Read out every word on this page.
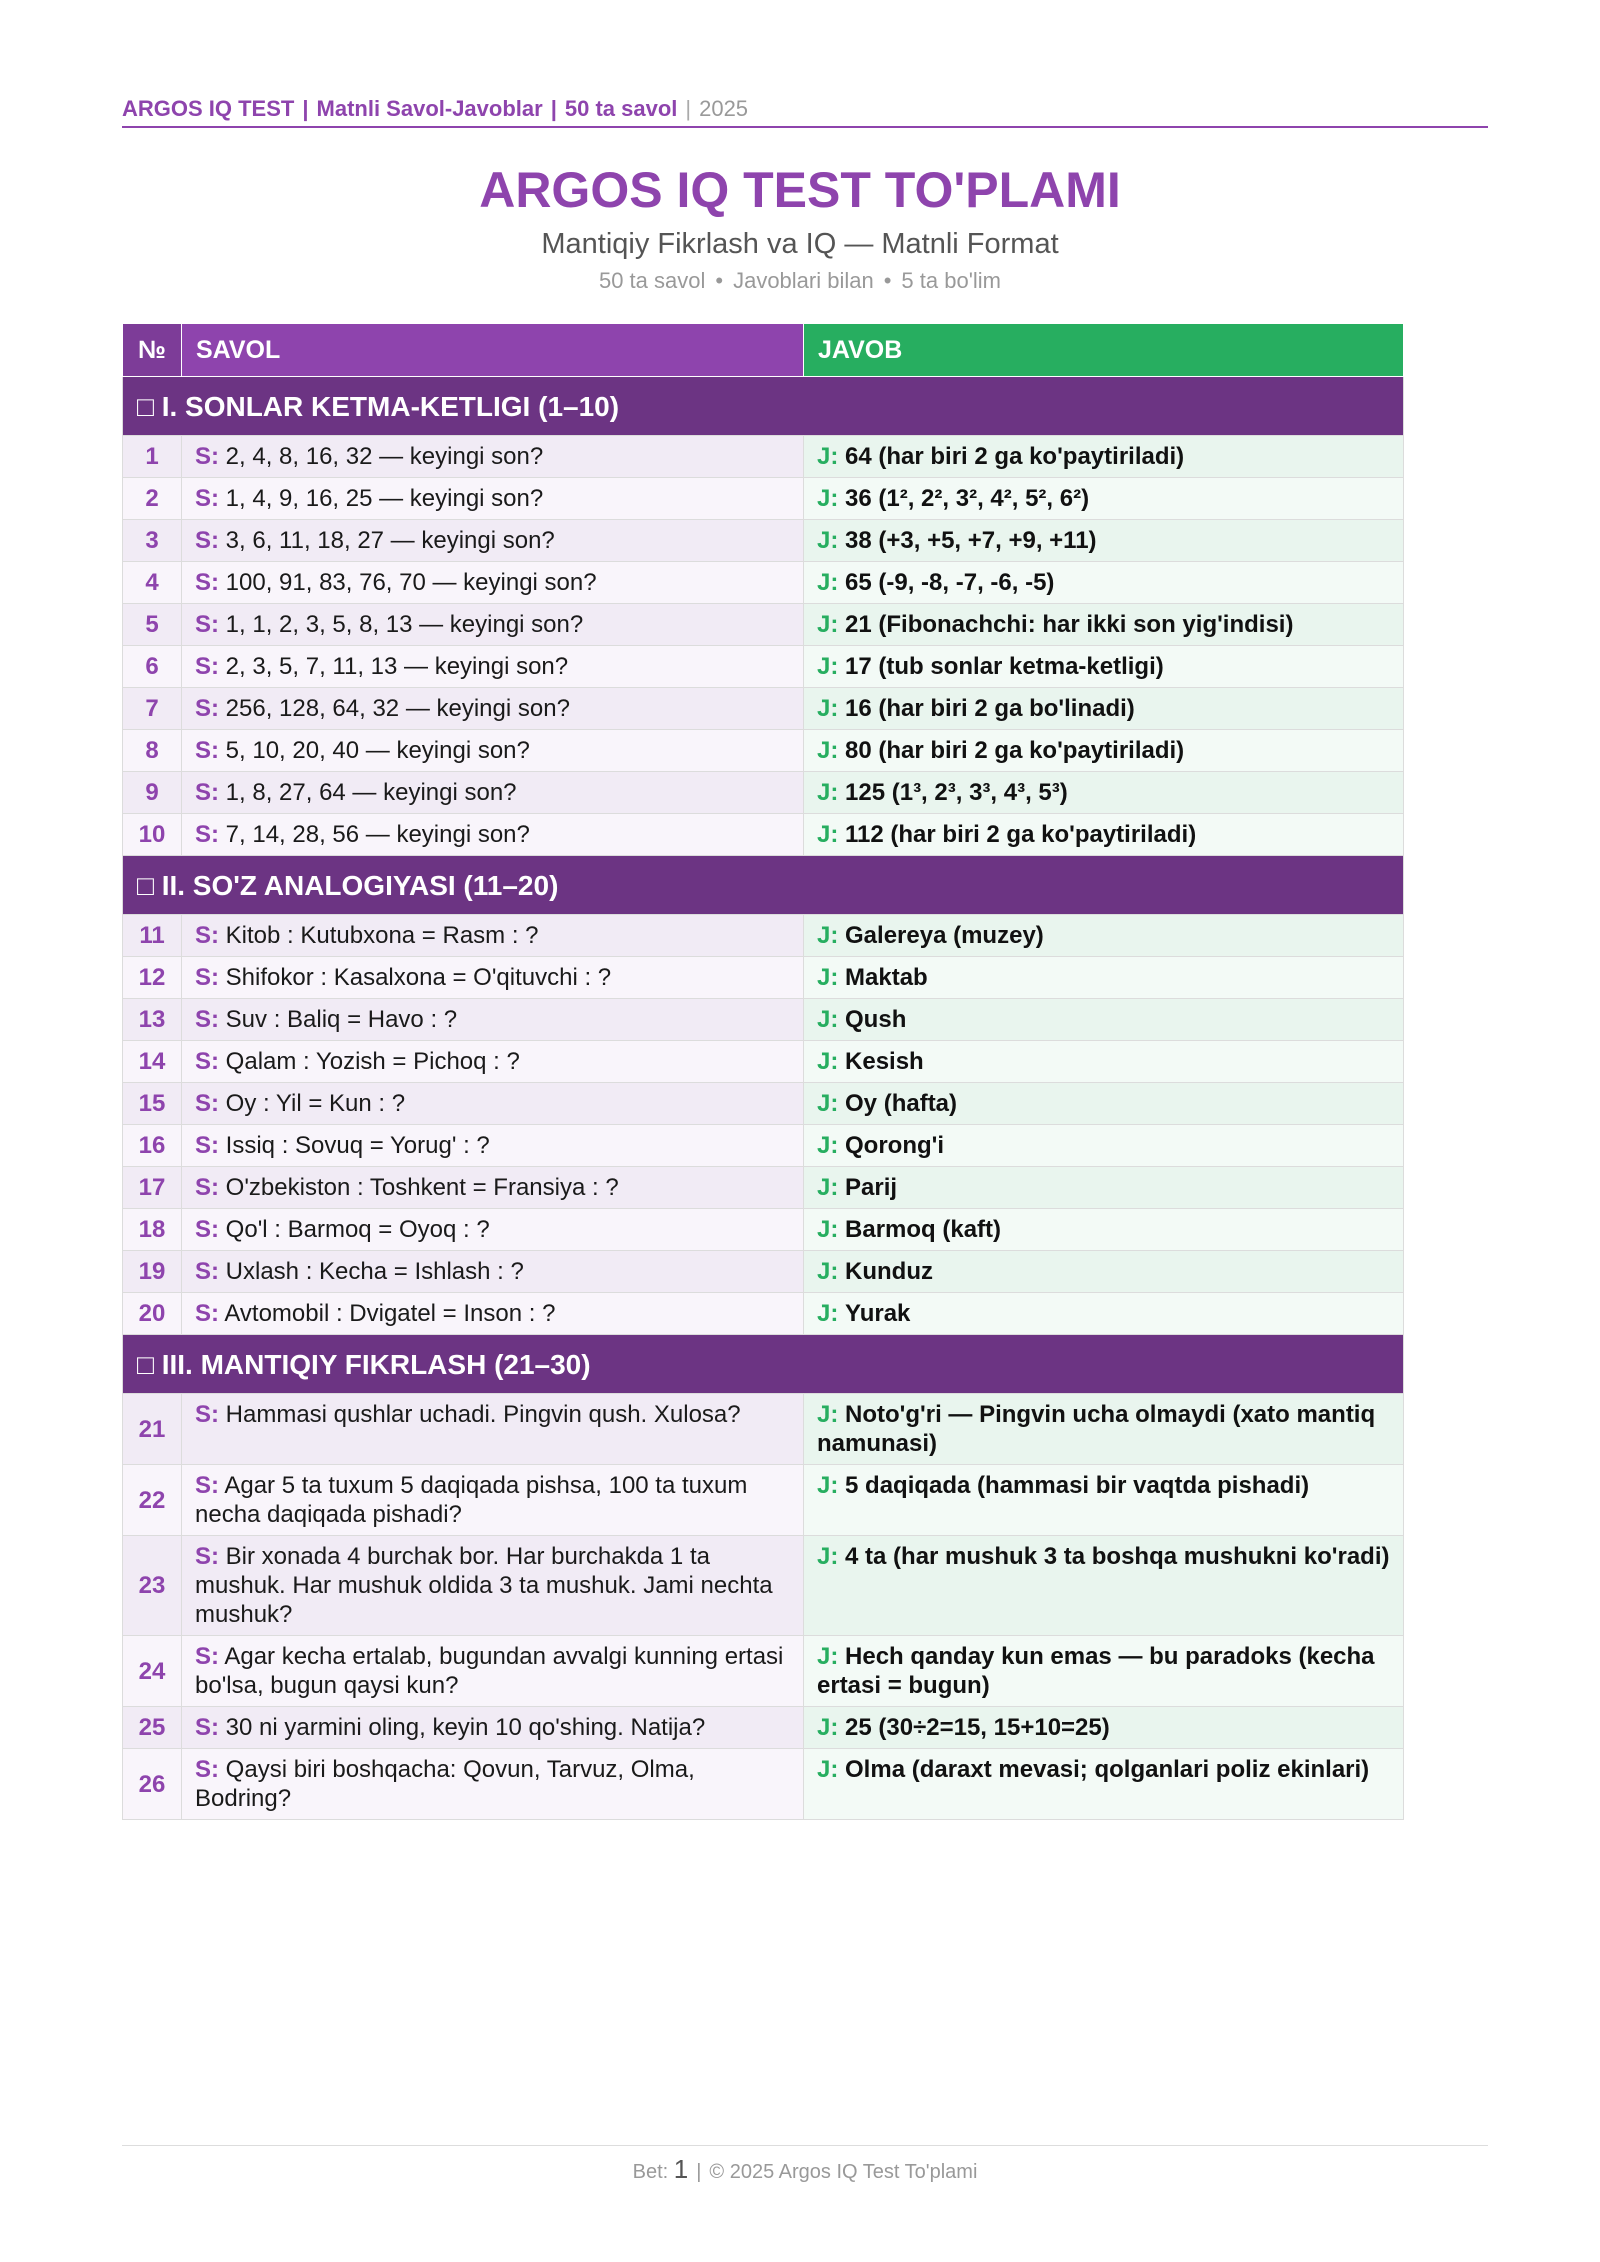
ARGOS IQ TEST | Matnli Savol-Javoblar | 50 ta savol | 2025
ARGOS IQ TEST TO'PLAMI
Mantiqiy Fikrlash va IQ — Matnli Format
50 ta savol • Javoblari bilan • 5 ta bo'lim
№	SAVOL	JAVOB
□ I. SONLAR KETMA-KETLIGI (1–10)		
1	S: 2, 4, 8, 16, 32 — keyingi son?	J: 64 (har biri 2 ga ko'paytiriladi)
2	S: 1, 4, 9, 16, 25 — keyingi son?	J: 36 (1², 2², 3², 4², 5², 6²)
3	S: 3, 6, 11, 18, 27 — keyingi son?	J: 38 (+3, +5, +7, +9, +11)
4	S: 100, 91, 83, 76, 70 — keyingi son?	J: 65 (-9, -8, -7, -6, -5)
5	S: 1, 1, 2, 3, 5, 8, 13 — keyingi son?	J: 21 (Fibonachchi: har ikki son yig'indisi)
6	S: 2, 3, 5, 7, 11, 13 — keyingi son?	J: 17 (tub sonlar ketma-ketligi)
7	S: 256, 128, 64, 32 — keyingi son?	J: 16 (har biri 2 ga bo'linadi)
8	S: 5, 10, 20, 40 — keyingi son?	J: 80 (har biri 2 ga ko'paytiriladi)
9	S: 1, 8, 27, 64 — keyingi son?	J: 125 (1³, 2³, 3³, 4³, 5³)
10	S: 7, 14, 28, 56 — keyingi son?	J: 112 (har biri 2 ga ko'paytiriladi)
□ II. SO'Z ANALOGIYASI (11–20)		
11	S: Kitob : Kutubxona = Rasm : ?	J: Galereya (muzey)
12	S: Shifokor : Kasalxona = O'qituvchi : ?	J: Maktab
13	S: Suv : Baliq = Havo : ?	J: Qush
14	S: Qalam : Yozish = Pichoq : ?	J: Kesish
15	S: Oy : Yil = Kun : ?	J: Oy (hafta)
16	S: Issiq : Sovuq = Yorug' : ?	J: Qorong'i
17	S: O'zbekiston : Toshkent = Fransiya : ?	J: Parij
18	S: Qo'l : Barmoq = Oyoq : ?	J: Barmoq (kaft)
19	S: Uxlash : Kecha = Ishlash : ?	J: Kunduz
20	S: Avtomobil : Dvigatel = Inson : ?	J: Yurak
□ III. MANTIQIY FIKRLASH (21–30)		
21	S: Hammasi qushlar uchadi. Pingvin qush. Xulosa?	J: Noto'g'ri — Pingvin ucha olmaydi (xato mantiq namunasi)
22	S: Agar 5 ta tuxum 5 daqiqada pishsa, 100 ta tuxum necha daqiqada pishadi?	J: 5 daqiqada (hammasi bir vaqtda pishadi)
23	S: Bir xonada 4 burchak bor. Har burchakda 1 ta mushuk. Har mushuk oldida 3 ta mushuk. Jami nechta mushuk?	J: 4 ta (har mushuk 3 ta boshqa mushukni ko'radi)
24	S: Agar kecha ertalab, bugundan avvalgi kunning ertasi bo'lsa, bugun qaysi kun?	J: Hech qanday kun emas — bu paradoks (kecha ertasi = bugun)
25	S: 30 ni yarmini oling, keyin 10 qo'shing. Natija?	J: 25 (30÷2=15, 15+10=25)
26	S: Qaysi biri boshqacha: Qovun, Tarvuz, Olma, Bodring?	J: Olma (daraxt mevasi; qolganlari poliz ekinlari)
Bet: 1 | © 2025 Argos IQ Test To'plami
